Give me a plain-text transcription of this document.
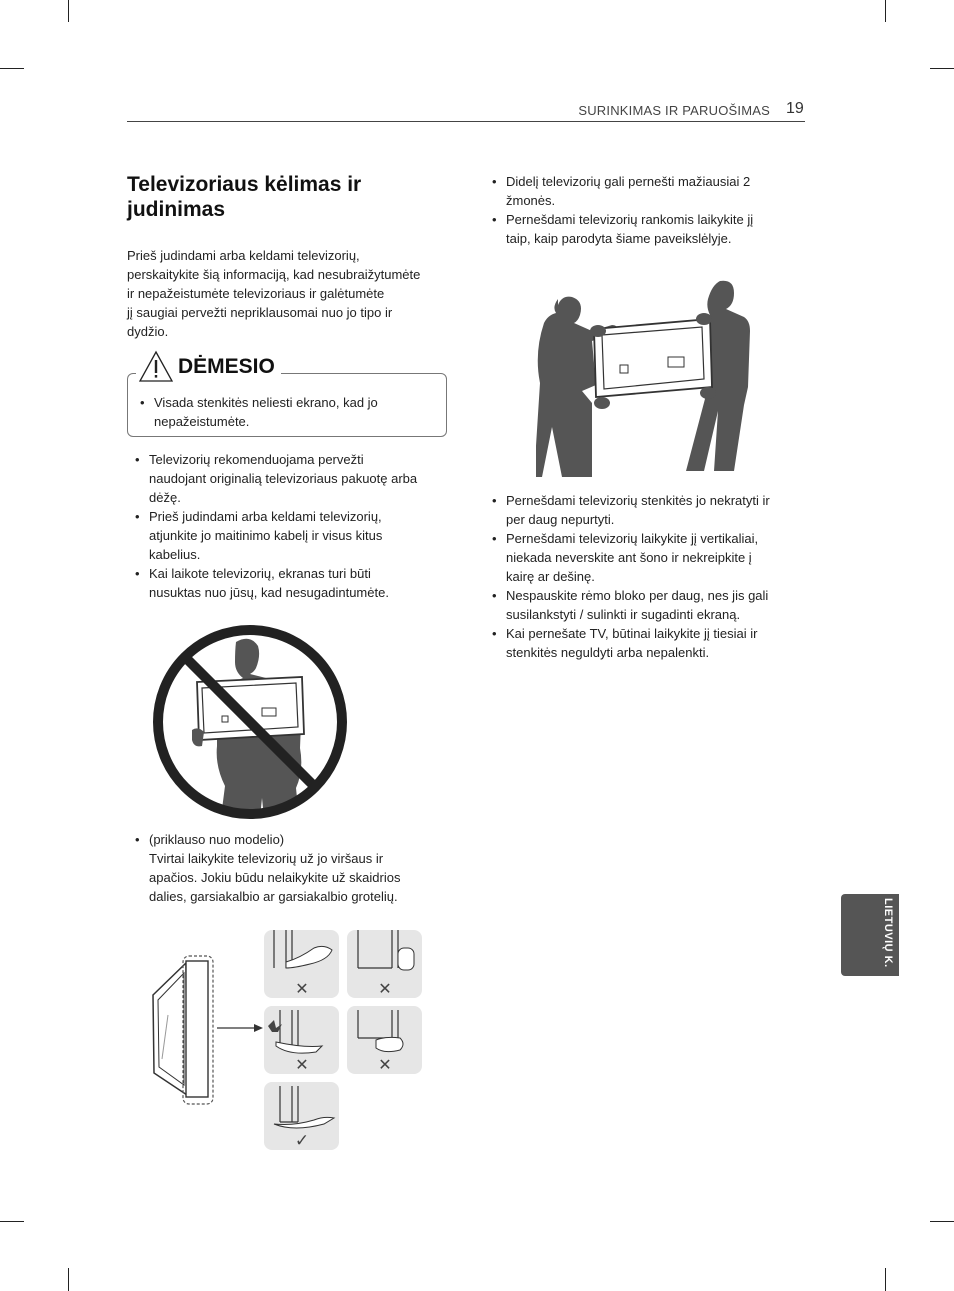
SURINKIMAS IR PARUOŠIMAS 19
Televizoriaus kėlimas ir judinimas

Prieš judindami arba keldami televizorių,
perskaitykite šią informaciją, kad nesubraižytumėte
ir nepažeistumėte televizoriaus ir galėtumėte
jį saugiai pervežti nepriklausomai nuo jo tipo ir
dydžio.

DĖMESIO
• Visada stenkitės neliesti ekrano, kad jo
nepažeistumėte.
• Televizorių rekomenduojama pervežti
naudojant originalią televizoriaus pakuotę arba
dėžę.
• Prieš judindami arba keldami televizorių,
atjunkite jo maitinimo kabelį ir visus kitus
kabelius.
• Kai laikote televizorių, ekranas turi būti
nusuktas nuo jūsų, kad nesugadintumėte.
• (priklauso nuo modelio)
Tvirtai laikykite televizorių už jo viršaus ir
apačios. Jokiu būdu nelaikykite už skaidrios
dalies, garsiakalbio ar garsiakalbio grotelių.
✕	✕
✕	✕
✓
• Didelį televizorių gali pernešti mažiausiai 2
žmonės.
• Pernešdami televizorių rankomis laikykite jį
taip, kaip parodyta šiame paveikslėlyje.
• Pernešdami televizorių stenkitės jo nekratyti ir
per daug nepurtyti.
• Pernešdami televizorių laikykite jį vertikaliai,
niekada neverskite ant šono ir nekreipkite į
kairę ar dešinę.
• Nespauskite rėmo bloko per daug, nes jis gali
susilankstyti / sulinkti ir sugadinti ekraną.
• Kai pernešate TV, būtinai laikykite jį tiesiai ir
stenkitės neguldyti arba nepalenkti.
LIETUVIŲ K.
